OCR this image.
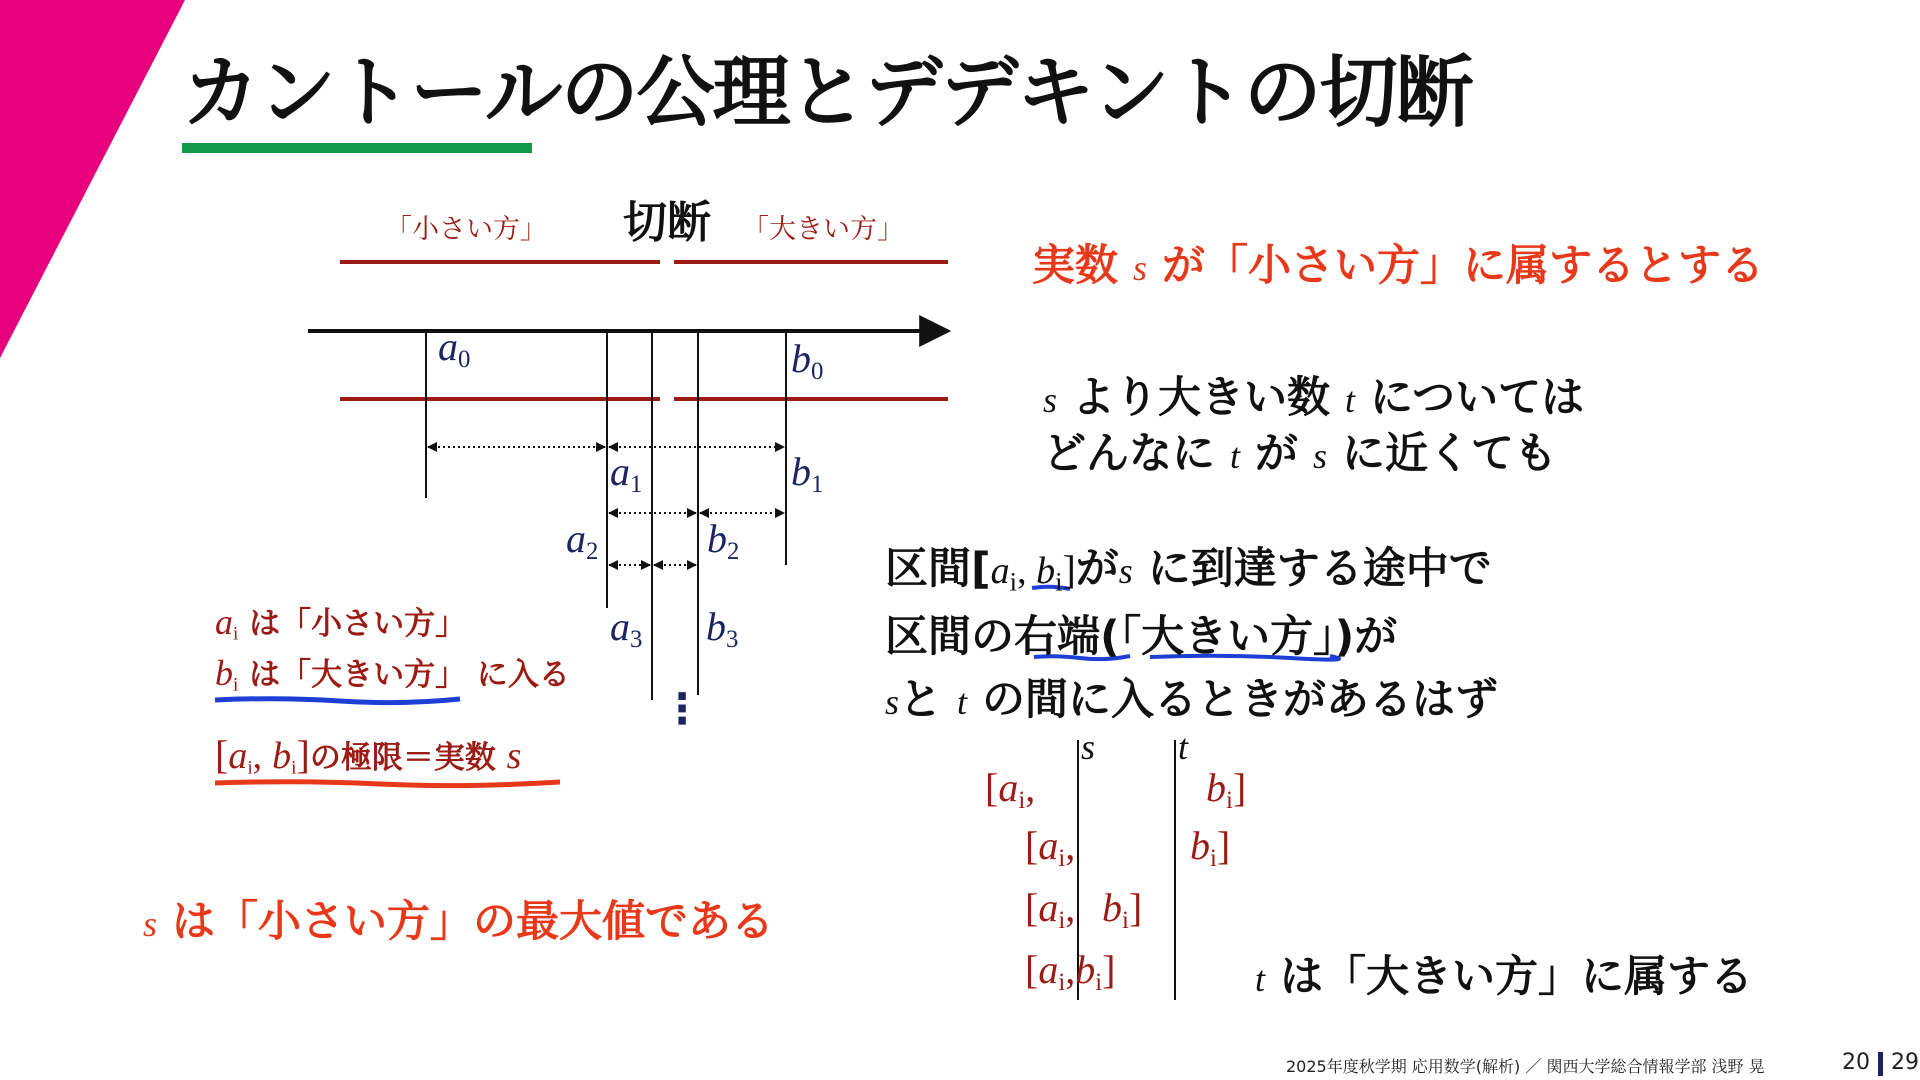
カントールの公理とデデキントの切断
「小さい方」 切断 「大きい方」
$a_0$	$b_0$
$a_1$	$b_1$
$a_2$	$b_2$
$a_3$ $b_3$
⋮
$a_i$ は「小さい方」
$b_i$ は「大きい方」 に入る
[$a_i$, $b_i$]の極限＝実数 s
s は「小さい方」の最大値である
実数 s が「小さい方」に属するとする
s より大きい数 t については
どんなに t が s に近くても
区間[$a_i$, $b_i$]がs に到達する途中で
区間の右端(「大きい方」)が
sと t の間に入るときがあるはず
s t
[$a_i$,	$b_i$]
[$a_i$,	$b_i$]
[$a_i$, $b_i$]
$[a_i,b_i]$	t は「大きい方」に属する
2025年度秋学期 応用数学(解析) ／ 関西大学総合情報学部 浅野 晃	20 29
